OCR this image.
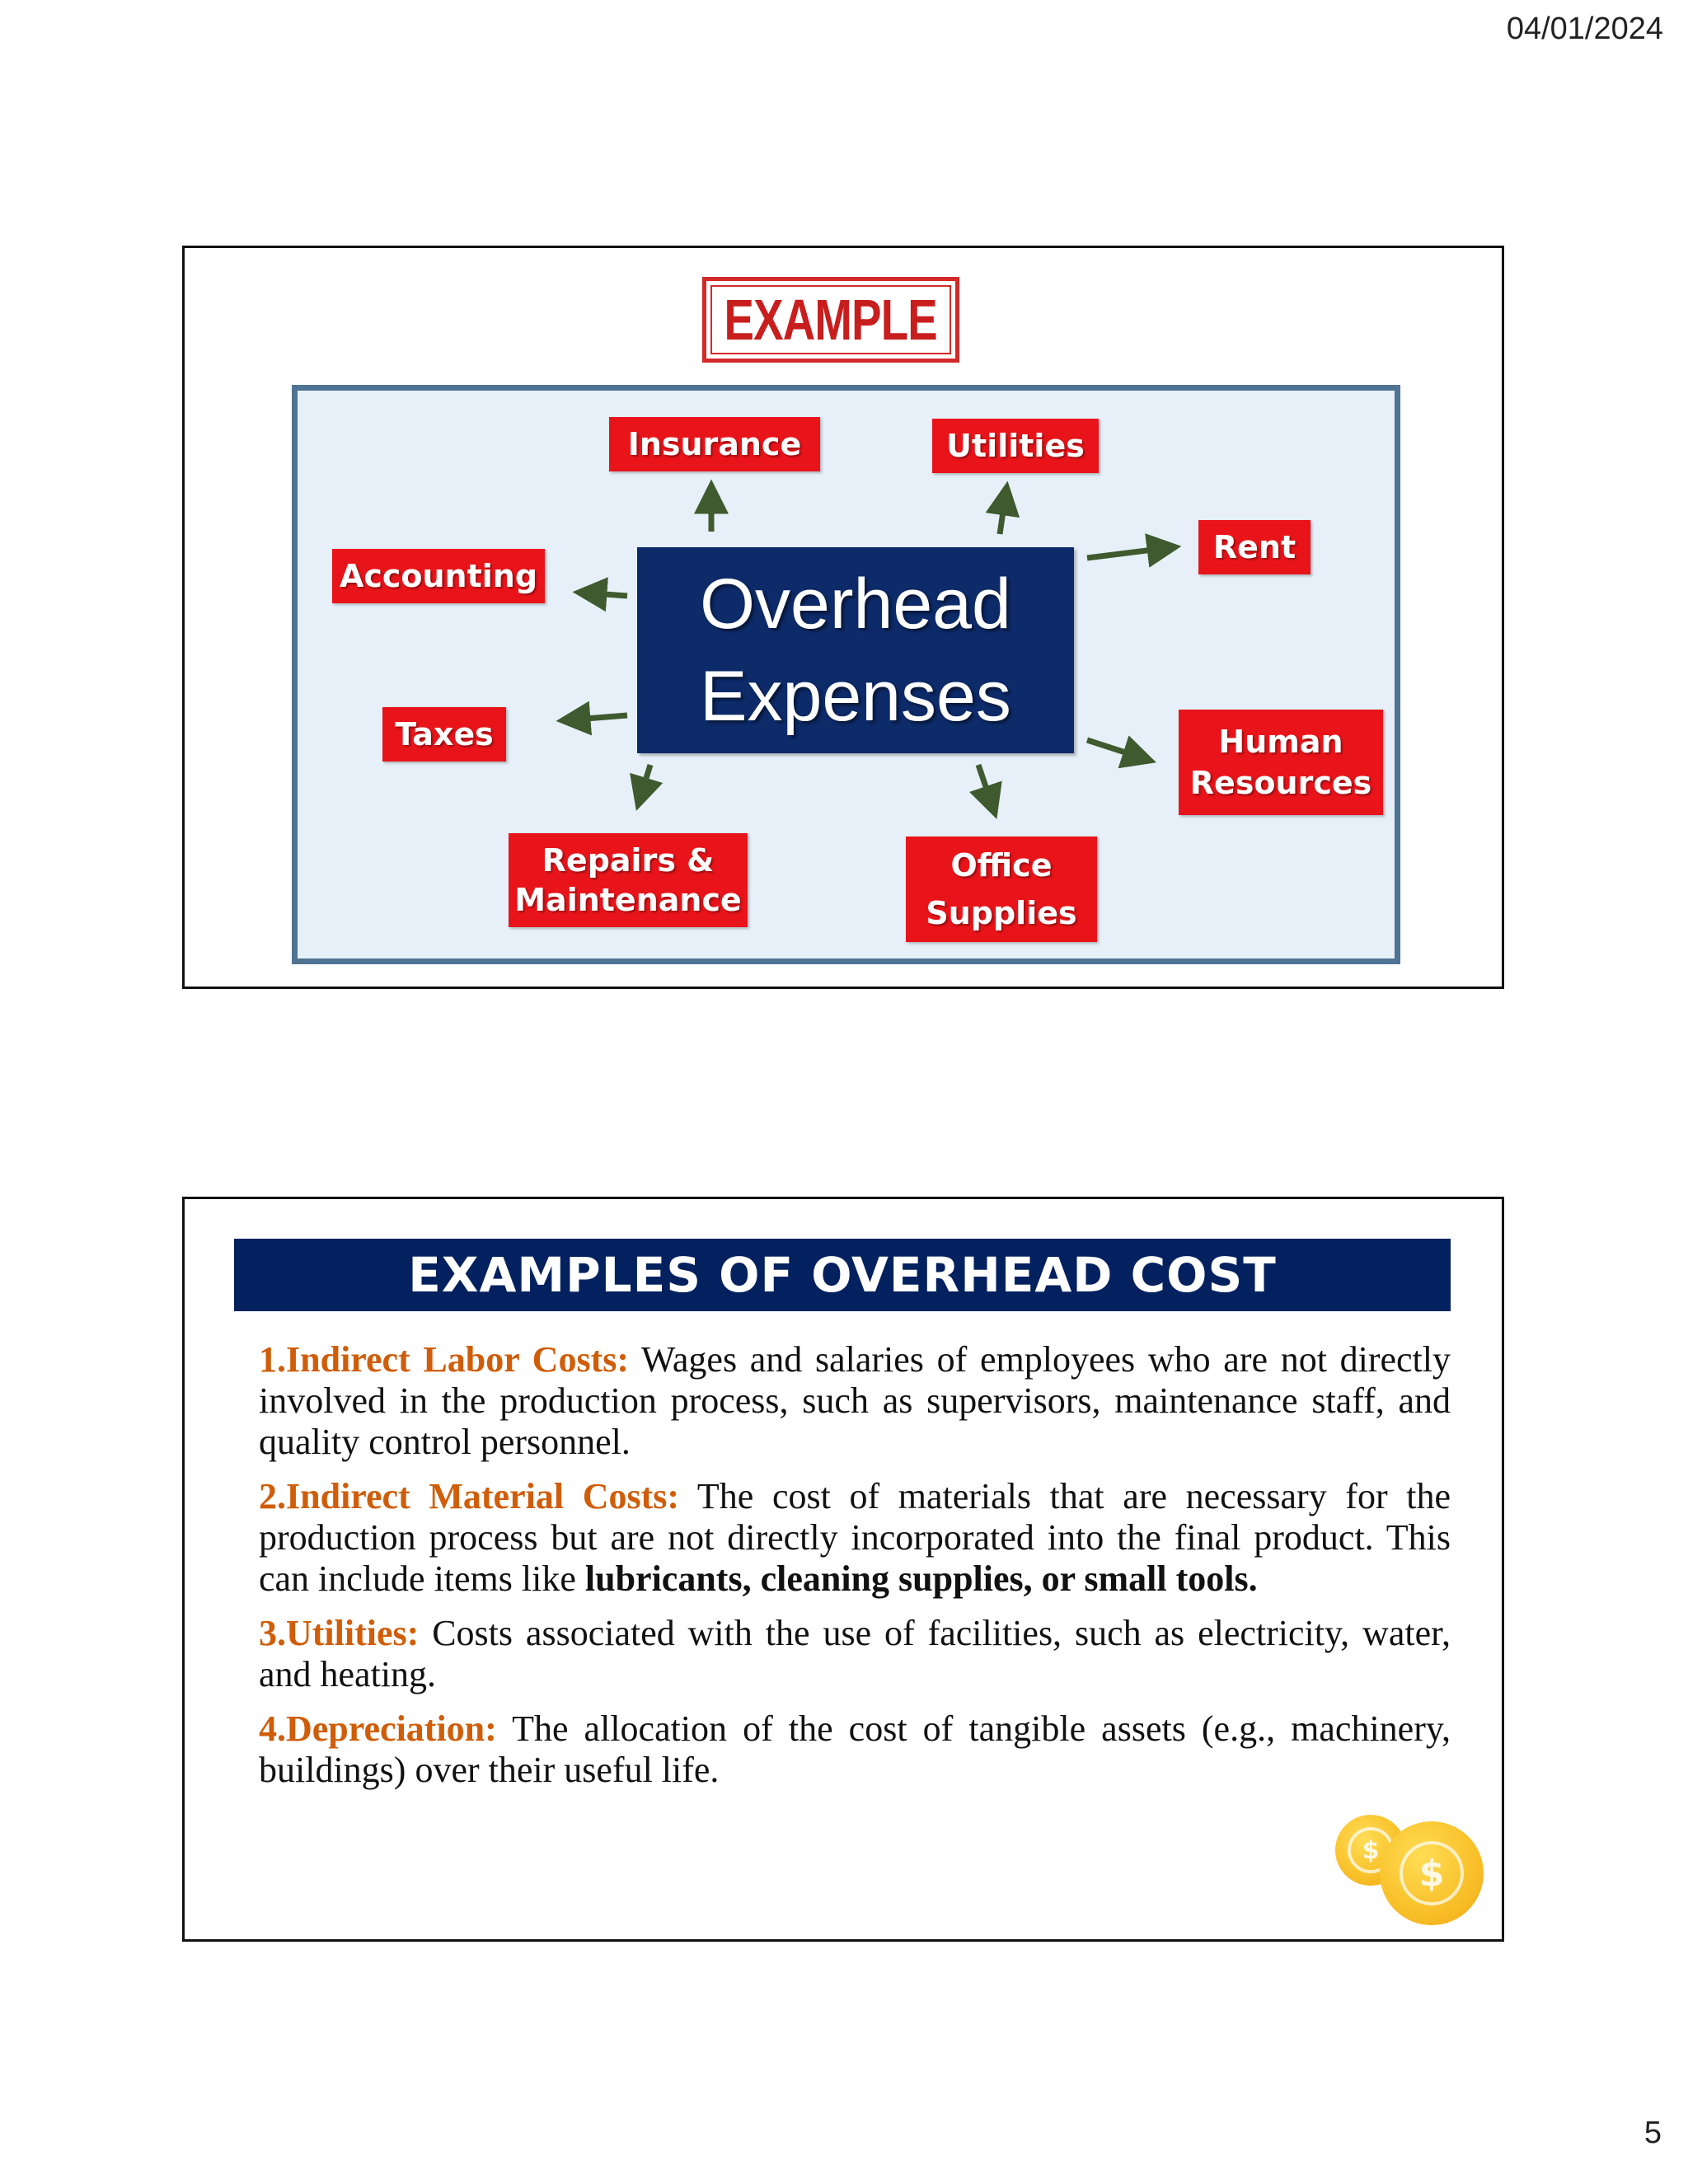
04/01/2024
EXAMPLE
Overhead
Expenses
Insurance	Utilities
Rent
Accounting
Taxes	Human
Resources
Repairs &
Maintenance
Office
Supplies
EXAMPLES OF OVERHEAD COST

1.Indirect Labor Costs: Wages and salaries of employees who are not directly involved in the production process, such as supervisors, maintenance staff, and quality control personnel.

2.Indirect Material Costs: The cost of materials that are necessary for the production process but are not directly incorporated into the final product. This can include items like lubricants, cleaning supplies, or small tools.

3.Utilities: Costs associated with the use of facilities, such as electricity, water, and heating.

4.Depreciation: The allocation of the cost of tangible assets (e.g., machinery, buildings) over their useful life.

$
$
5
